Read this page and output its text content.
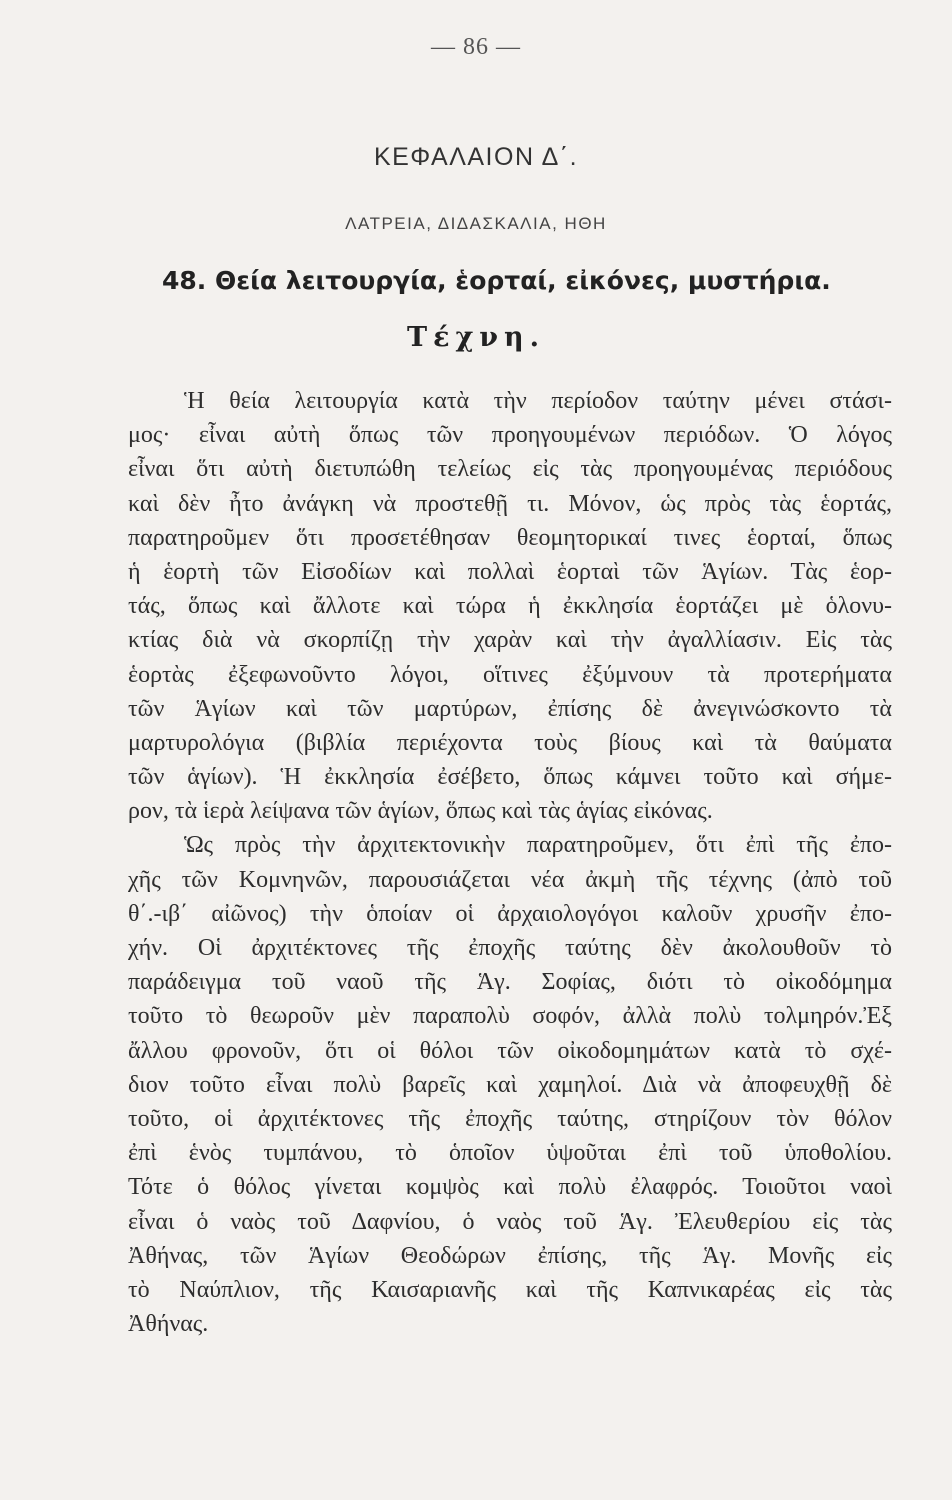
— 86 —
ΚΕΦΑΛΑΙΟΝ Δ΄.
ΛΑΤΡΕΙΑ, ΔΙΔΑΣΚΑΛΙΑ, ΗΘΗ
48. Θεία λειτουργία, ἑορταί, εἰκόνες, μυστήρια.
Τέχνη.
Ἡ θεία λειτουργία κατὰ τὴν περίοδον ταύτην μένει στάσι-
μος· εἶναι αὐτὴ ὅπως τῶν προηγουμένων περιόδων. Ὁ λόγος
εἶναι ὅτι αὐτὴ διετυπώθη τελείως εἰς τὰς προηγουμένας περιόδους
καὶ δὲν ἦτο ἀνάγκη νὰ προστεθῇ τι. Μόνον, ὡς πρὸς τὰς ἑορτάς,
παρατηροῦμεν ὅτι προσετέθησαν θεομητορικαί τινες ἑορταί, ὅπως
ἡ ἑορτὴ τῶν Εἰσοδίων καὶ πολλαὶ ἑορταὶ τῶν Ἁγίων. Τὰς ἑορ-
τάς, ὅπως καὶ ἄλλοτε καὶ τώρα ἡ ἐκκλησία ἑορτάζει μὲ ὁλονυ-
κτίας διὰ νὰ σκορπίζῃ τὴν χαρὰν καὶ τὴν ἀγαλλίασιν. Εἰς τὰς
ἑορτὰς ἐξεφωνοῦντο λόγοι, οἵτινες ἐξύμνουν τὰ προτερήματα
τῶν Ἁγίων καὶ τῶν μαρτύρων, ἐπίσης δὲ ἀνεγινώσκοντο τὰ
μαρτυρολόγια (βιβλία περιέχοντα τοὺς βίους καὶ τὰ θαύματα
τῶν ἁγίων). Ἡ ἐκκλησία ἐσέβετο, ὅπως κάμνει τοῦτο καὶ σήμε-
ρον, τὰ ἱερὰ λείψανα τῶν ἁγίων, ὅπως καὶ τὰς ἁγίας εἰκόνας.
Ὡς πρὸς τὴν ἀρχιτεκτονικὴν παρατηροῦμεν, ὅτι ἐπὶ τῆς ἐπο-
χῆς τῶν Κομνηνῶν, παρουσιάζεται νέα ἀκμὴ τῆς τέχνης (ἀπὸ τοῦ
θ΄.-ιβ΄ αἰῶνος) τὴν ὁποίαν οἱ ἀρχαιολογόγοι καλοῦν χρυσῆν ἐπο-
χήν. Οἱ ἀρχιτέκτονες τῆς ἐποχῆς ταύτης δὲν ἀκολουθοῦν τὸ
παράδειγμα τοῦ ναοῦ τῆς Ἁγ. Σοφίας, διότι τὸ οἰκοδόμημα
τοῦτο τὸ θεωροῦν μὲν παραπολὺ σοφόν, ἀλλὰ πολὺ τολμηρόν.Ἐξ
ἄλλου φρονοῦν, ὅτι οἱ θόλοι τῶν οἰκοδομημάτων κατὰ τὸ σχέ-
διον τοῦτο εἶναι πολὺ βαρεῖς καὶ χαμηλοί. Διὰ νὰ ἀποφευχθῇ δὲ
τοῦτο, οἱ ἀρχιτέκτονες τῆς ἐποχῆς ταύτης, στηρίζουν τὸν θόλον
ἐπὶ ἑνὸς τυμπάνου, τὸ ὁποῖον ὑψοῦται ἐπὶ τοῦ ὑποθολίου.
Τότε ὁ θόλος γίνεται κομψὸς καὶ πολὺ ἐλαφρός. Τοιοῦτοι ναοὶ
εἶναι ὁ ναὸς τοῦ Δαφνίου, ὁ ναὸς τοῦ Ἁγ. Ἐλευθερίου εἰς τὰς
Ἀθήνας, τῶν Ἁγίων Θεοδώρων ἐπίσης, τῆς Ἁγ. Μονῆς εἰς
τὸ Ναύπλιον, τῆς Καισαριανῆς καὶ τῆς Καπνικαρέας εἰς τὰς
Ἀθήνας.
